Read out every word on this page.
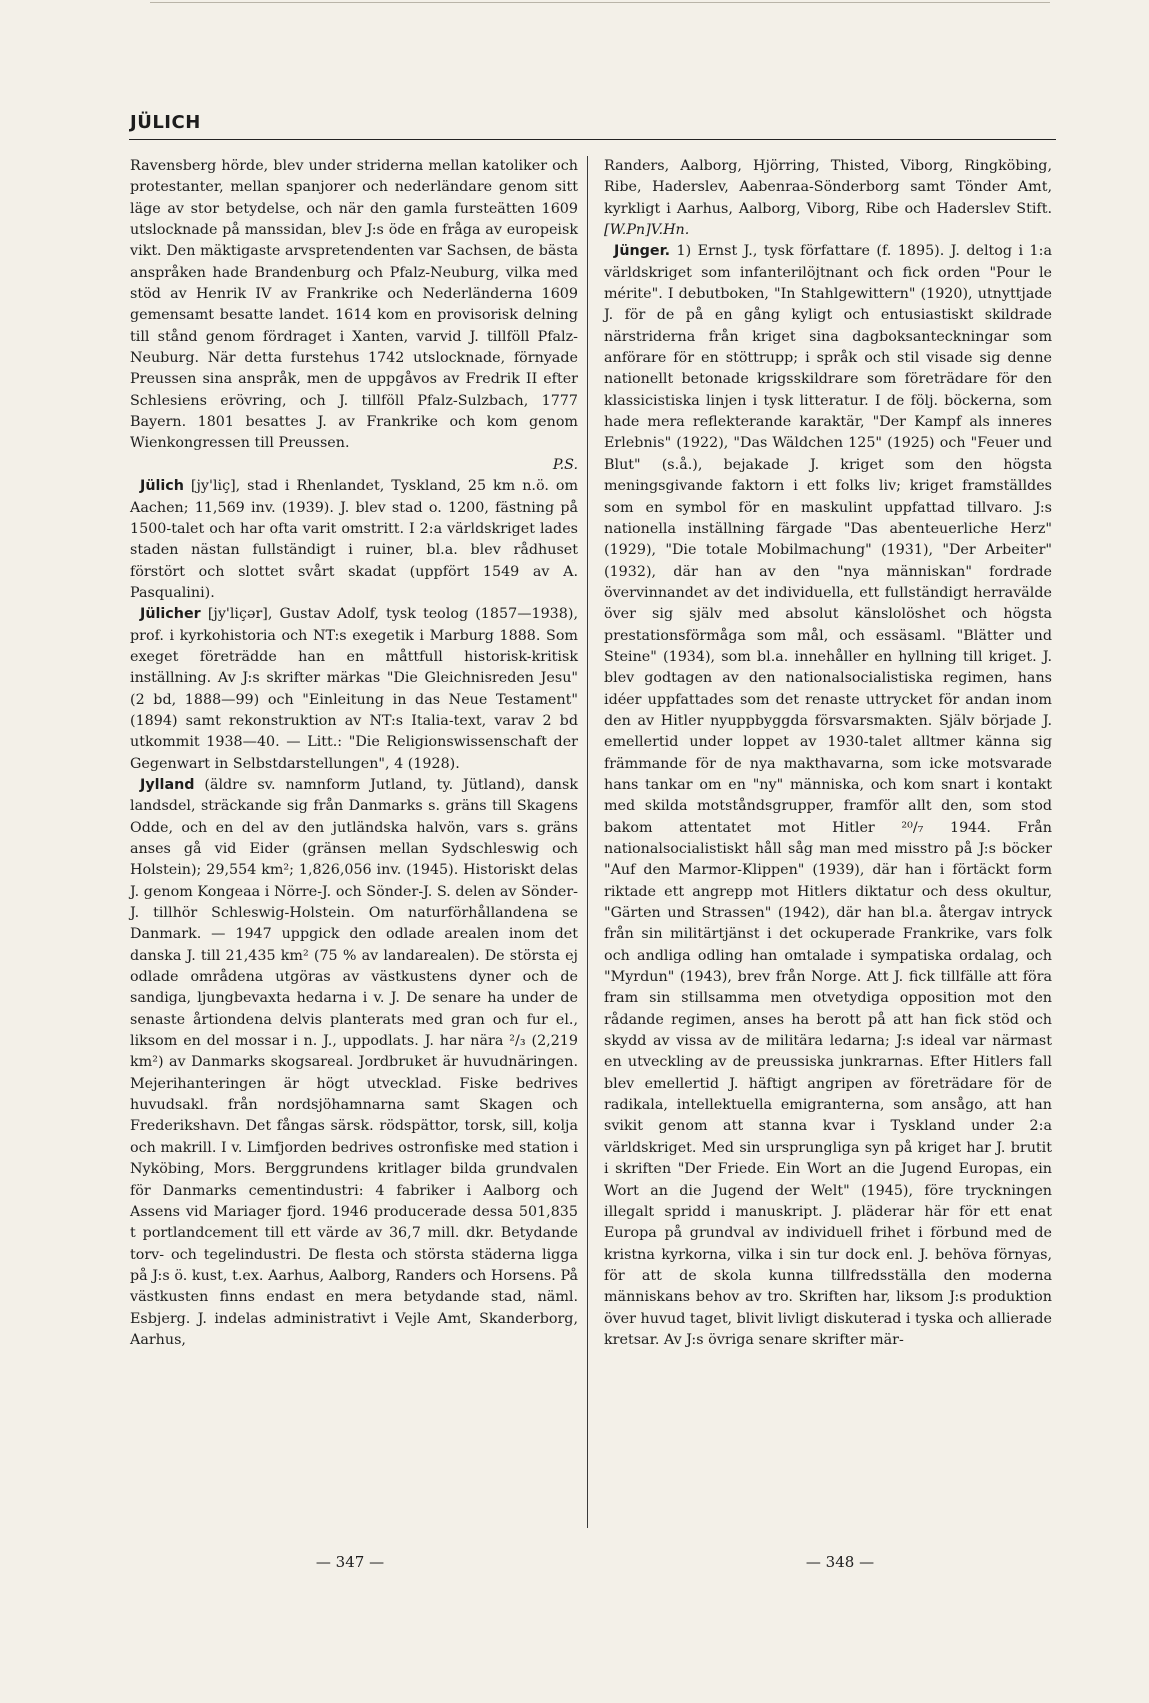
JÜLICH

Ravensberg hörde, blev under striderna mellan katoliker och protestanter, mellan spanjorer och nederländare genom sitt läge av stor betydelse, och när den gamla fursteätten 1609 utslocknade på manssidan, blev J:s öde en fråga av europeisk vikt. Den mäktigaste arvspretendenten var Sachsen, de bästa anspråken hade Brandenburg och Pfalz-Neuburg, vilka med stöd av Henrik IV av Frankrike och Nederländerna 1609 gemensamt besatte landet. 1614 kom en provisorisk delning till stånd genom fördraget i Xanten, varvid J. tillföll Pfalz-Neuburg. När detta furstehus 1742 utslocknade, förnyade Preussen sina anspråk, men de uppgåvos av Fredrik II efter Schlesiens erövring, och J. tillföll Pfalz-Sulzbach, 1777 Bayern. 1801 besattes J. av Frankrike och kom genom Wienkongressen till Preussen.
P.S.

Jülich [jy'liç], stad i Rhenlandet, Tyskland, 25 km n.ö. om Aachen; 11,569 inv. (1939). J. blev stad o. 1200, fästning på 1500-talet och har ofta varit omstritt. I 2:a världskriget lades staden nästan fullständigt i ruiner, bl.a. blev rådhuset förstört och slottet svårt skadat (uppfört 1549 av A. Pasqualini).

Jülicher [jy'liçər], Gustav Adolf, tysk teolog (1857—1938), prof. i kyrkohistoria och NT:s exegetik i Marburg 1888. Som exeget företrädde han en måttfull historisk-kritisk inställning. Av J:s skrifter märkas "Die Gleichnisreden Jesu" (2 bd, 1888—99) och "Einleitung in das Neue Testament" (1894) samt rekonstruktion av NT:s Italia-text, varav 2 bd utkommit 1938—40. — Litt.: "Die Religionswissenschaft der Gegenwart in Selbstdarstellungen", 4 (1928).

Jylland (äldre sv. namnform Jutland, ty. Jütland), dansk landsdel, sträckande sig från Danmarks s. gräns till Skagens Odde, och en del av den jutländska halvön, vars s. gräns anses gå vid Eider (gränsen mellan Sydschleswig och Holstein); 29,554 km²; 1,826,056 inv. (1945). Historiskt delas J. genom Kongeaa i Nörre-J. och Sönder-J. S. delen av Sönder-J. tillhör Schleswig-Holstein. Om naturförhållandena se Danmark. — 1947 uppgick den odlade arealen inom det danska J. till 21,435 km² (75 % av landarealen). De största ej odlade områdena utgöras av västkustens dyner och de sandiga, ljungbevaxta hedarna i v. J. De senare ha under de senaste årtiondena delvis planterats med gran och fur el., liksom en del mossar i n. J., uppodlats. J. har nära ²/₃ (2,219 km²) av Danmarks skogsareal. Jordbruket är huvudnäringen. Mejerihanteringen är högt utvecklad. Fiske bedrives huvudsakl. från nordsjöhamnarna samt Skagen och Frederikshavn. Det fångas särsk. rödspättor, torsk, sill, kolja och makrill. I v. Limfjorden bedrives ostronfiske med station i Nyköbing, Mors. Berggrundens kritlager bilda grundvalen för Danmarks cementindustri: 4 fabriker i Aalborg och Assens vid Mariager fjord. 1946 producerade dessa 501,835 t portlandcement till ett värde av 36,7 mill. dkr. Betydande torv- och tegelindustri. De flesta och största städerna ligga på J:s ö. kust, t.ex. Aarhus, Aalborg, Randers och Horsens. På västkusten finns endast en mera betydande stad, näml. Esbjerg. J. indelas administrativt i Vejle Amt, Skanderborg, Aarhus,

Randers, Aalborg, Hjörring, Thisted, Viborg, Ringköbing, Ribe, Haderslev, Aabenraa-Sönderborg samt Tönder Amt, kyrkligt i Aarhus, Aalborg, Viborg, Ribe och Haderslev Stift. [W.Pn]V.Hn.

Jünger. 1) Ernst J., tysk författare (f. 1895). J. deltog i 1:a världskriget som infanterilöjtnant och fick orden "Pour le mérite". I debutboken, "In Stahlgewittern" (1920), utnyttjade J. för de på en gång kyligt och entusiastiskt skildrade närstriderna från kriget sina dagboksanteckningar som anförare för en stöttrupp; i språk och stil visade sig denne nationellt betonade krigsskildrare som företrädare för den klassicistiska linjen i tysk litteratur. I de följ. böckerna, som hade mera reflekterande karaktär, "Der Kampf als inneres Erlebnis" (1922), "Das Wäldchen 125" (1925) och "Feuer und Blut" (s.å.), bejakade J. kriget som den högsta meningsgivande faktorn i ett folks liv; kriget framställdes som en symbol för en maskulint uppfattad tillvaro. J:s nationella inställning färgade "Das abenteuerliche Herz" (1929), "Die totale Mobilmachung" (1931), "Der Arbeiter" (1932), där han av den "nya människan" fordrade övervinnandet av det individuella, ett fullständigt herravälde över sig själv med absolut känslolöshet och högsta prestationsförmåga som mål, och essäsaml. "Blätter und Steine" (1934), som bl.a. innehåller en hyllning till kriget. J. blev godtagen av den nationalsocialistiska regimen, hans idéer uppfattades som det renaste uttrycket för andan inom den av Hitler nyuppbyggda försvarsmakten. Själv började J. emellertid under loppet av 1930-talet alltmer känna sig främmande för de nya makthavarna, som icke motsvarade hans tankar om en "ny" människa, och kom snart i kontakt med skilda motståndsgrupper, framför allt den, som stod bakom attentatet mot Hitler ²⁰/₇ 1944. Från nationalsocialistiskt håll såg man med misstro på J:s böcker "Auf den Marmor-Klippen" (1939), där han i förtäckt form riktade ett angrepp mot Hitlers diktatur och dess okultur, "Gärten und Strassen" (1942), där han bl.a. återgav intryck från sin militärtjänst i det ockuperade Frankrike, vars folk och andliga odling han omtalade i sympatiska ordalag, och "Myrdun" (1943), brev från Norge. Att J. fick tillfälle att föra fram sin stillsamma men otvetydiga opposition mot den rådande regimen, anses ha berott på att han fick stöd och skydd av vissa av de militära ledarna; J:s ideal var närmast en utveckling av de preussiska junkrarnas. Efter Hitlers fall blev emellertid J. häftigt angripen av företrädare för de radikala, intellektuella emigranterna, som ansågo, att han svikit genom att stanna kvar i Tyskland under 2:a världskriget. Med sin ursprungliga syn på kriget har J. brutit i skriften "Der Friede. Ein Wort an die Jugend Europas, ein Wort an die Jugend der Welt" (1945), före tryckningen illegalt spridd i manuskript. J. pläderar här för ett enat Europa på grundval av individuell frihet i förbund med de kristna kyrkorna, vilka i sin tur dock enl. J. behöva förnyas, för att de skola kunna tillfredsställa den moderna människans behov av tro. Skriften har, liksom J:s produktion över huvud taget, blivit livligt diskuterad i tyska och allierade kretsar. Av J:s övriga senare skrifter mär-

— 347 —	— 348 —
